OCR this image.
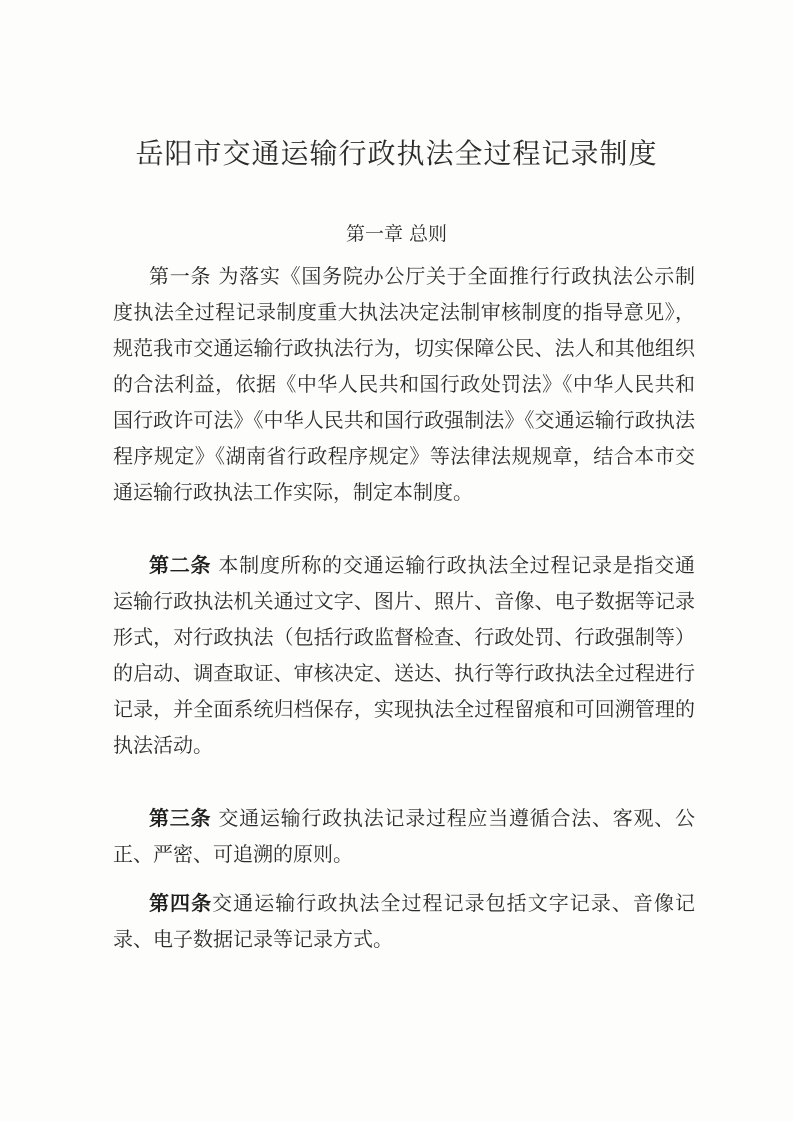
岳阳市交通运输行政执法全过程记录制度
第一章 总则

第一条 为落实《国务院办公厅关于全面推行行政执法公示制度执法全过程记录制度重大执法决定法制审核制度的指导意见》，规范我市交通运输行政执法行为，切实保障公民、法人和其他组织的合法利益，依据《中华人民共和国行政处罚法》《中华人民共和国行政许可法》《中华人民共和国行政强制法》《交通运输行政执法程序规定》《湖南省行政程序规定》等法律法规规章，结合本市交通运输行政执法工作实际，制定本制度。

第二条 本制度所称的交通运输行政执法全过程记录是指交通运输行政执法机关通过文字、图片、照片、音像、电子数据等记录形式，对行政执法（包括行政监督检查、行政处罚、行政强制等）的启动、调查取证、审核决定、送达、执行等行政执法全过程进行记录，并全面系统归档保存，实现执法全过程留痕和可回溯管理的执法活动。

第三条 交通运输行政执法记录过程应当遵循合法、客观、公正、严密、可追溯的原则。

第四条交通运输行政执法全过程记录包括文字记录、音像记录、电子数据记录等记录方式。
